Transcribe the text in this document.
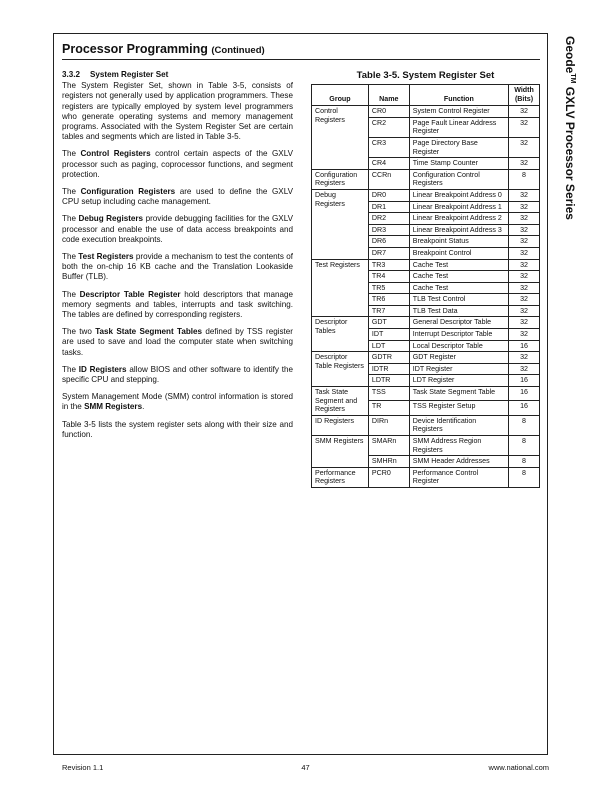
Processor Programming (Continued)	Geode™ GXLV Processor Series
3.3.2 System Register Set

The System Register Set, shown in Table 3-5, consists of registers not generally used by application programmers. These registers are typically employed by system level programmers who generate operating systems and memory management programs. Associated with the System Register Set are certain tables and segments which are listed in Table 3-5.

The Control Registers control certain aspects of the GXLV processor such as paging, coprocessor functions, and segment protection.

The Configuration Registers are used to define the GXLV CPU setup including cache management.

The Debug Registers provide debugging facilities for the GXLV processor and enable the use of data access breakpoints and code execution breakpoints.

The Test Registers provide a mechanism to test the contents of both the on-chip 16 KB cache and the Translation Lookaside Buffer (TLB).

The Descriptor Table Register hold descriptors that manage memory segments and tables, interrupts and task switching. The tables are defined by corresponding registers.

The two Task State Segment Tables defined by TSS register are used to save and load the computer state when switching tasks.

The ID Registers allow BIOS and other software to identify the specific CPU and stepping.

System Management Mode (SMM) control information is stored in the SMM Registers.

Table 3-5 lists the system register sets along with their size and function.

Table 3-5. System Register Set
Group	Name	Function	Width (Bits)
Control Registers	CR0	System Control Register	32
	CR2	Page Fault Linear Address Register	32
	CR3	Page Directory Base Register	32
	CR4	Time Stamp Counter	32
Configuration Registers	CCRn	Configuration Control Registers	8
Debug Registers	DR0	Linear Breakpoint Address 0	32
	DR1	Linear Breakpoint Address 1	32
	DR2	Linear Breakpoint Address 2	32
	DR3	Linear Breakpoint Address 3	32
	DR6	Breakpoint Status	32
	DR7	Breakpoint Control	32
Test Registers	TR3	Cache Test	32
	TR4	Cache Test	32
	TR5	Cache Test	32
	TR6	TLB Test Control	32
	TR7	TLB Test Data	32
Descriptor Tables	GDT	General Descriptor Table	32
	IDT	Interrupt Descriptor Table	32
	LDT	Local Descriptor Table	16
Descriptor Table Registers	GDTR	GDT Register	32
	IDTR	IDT Register	32
	LDTR	LDT Register	16
Task State Segment and Registers	TSS	Task State Segment Table	16
	TR	TSS Register Setup	16
ID Registers	DIRn	Device Identification Registers	8
SMM Registers	SMARn	SMM Address Region Registers	8
	SMHRn	SMM Header Addresses	8
Performance Registers	PCR0	Performance Control Register	8
Revision 1.1	47	www.national.com
